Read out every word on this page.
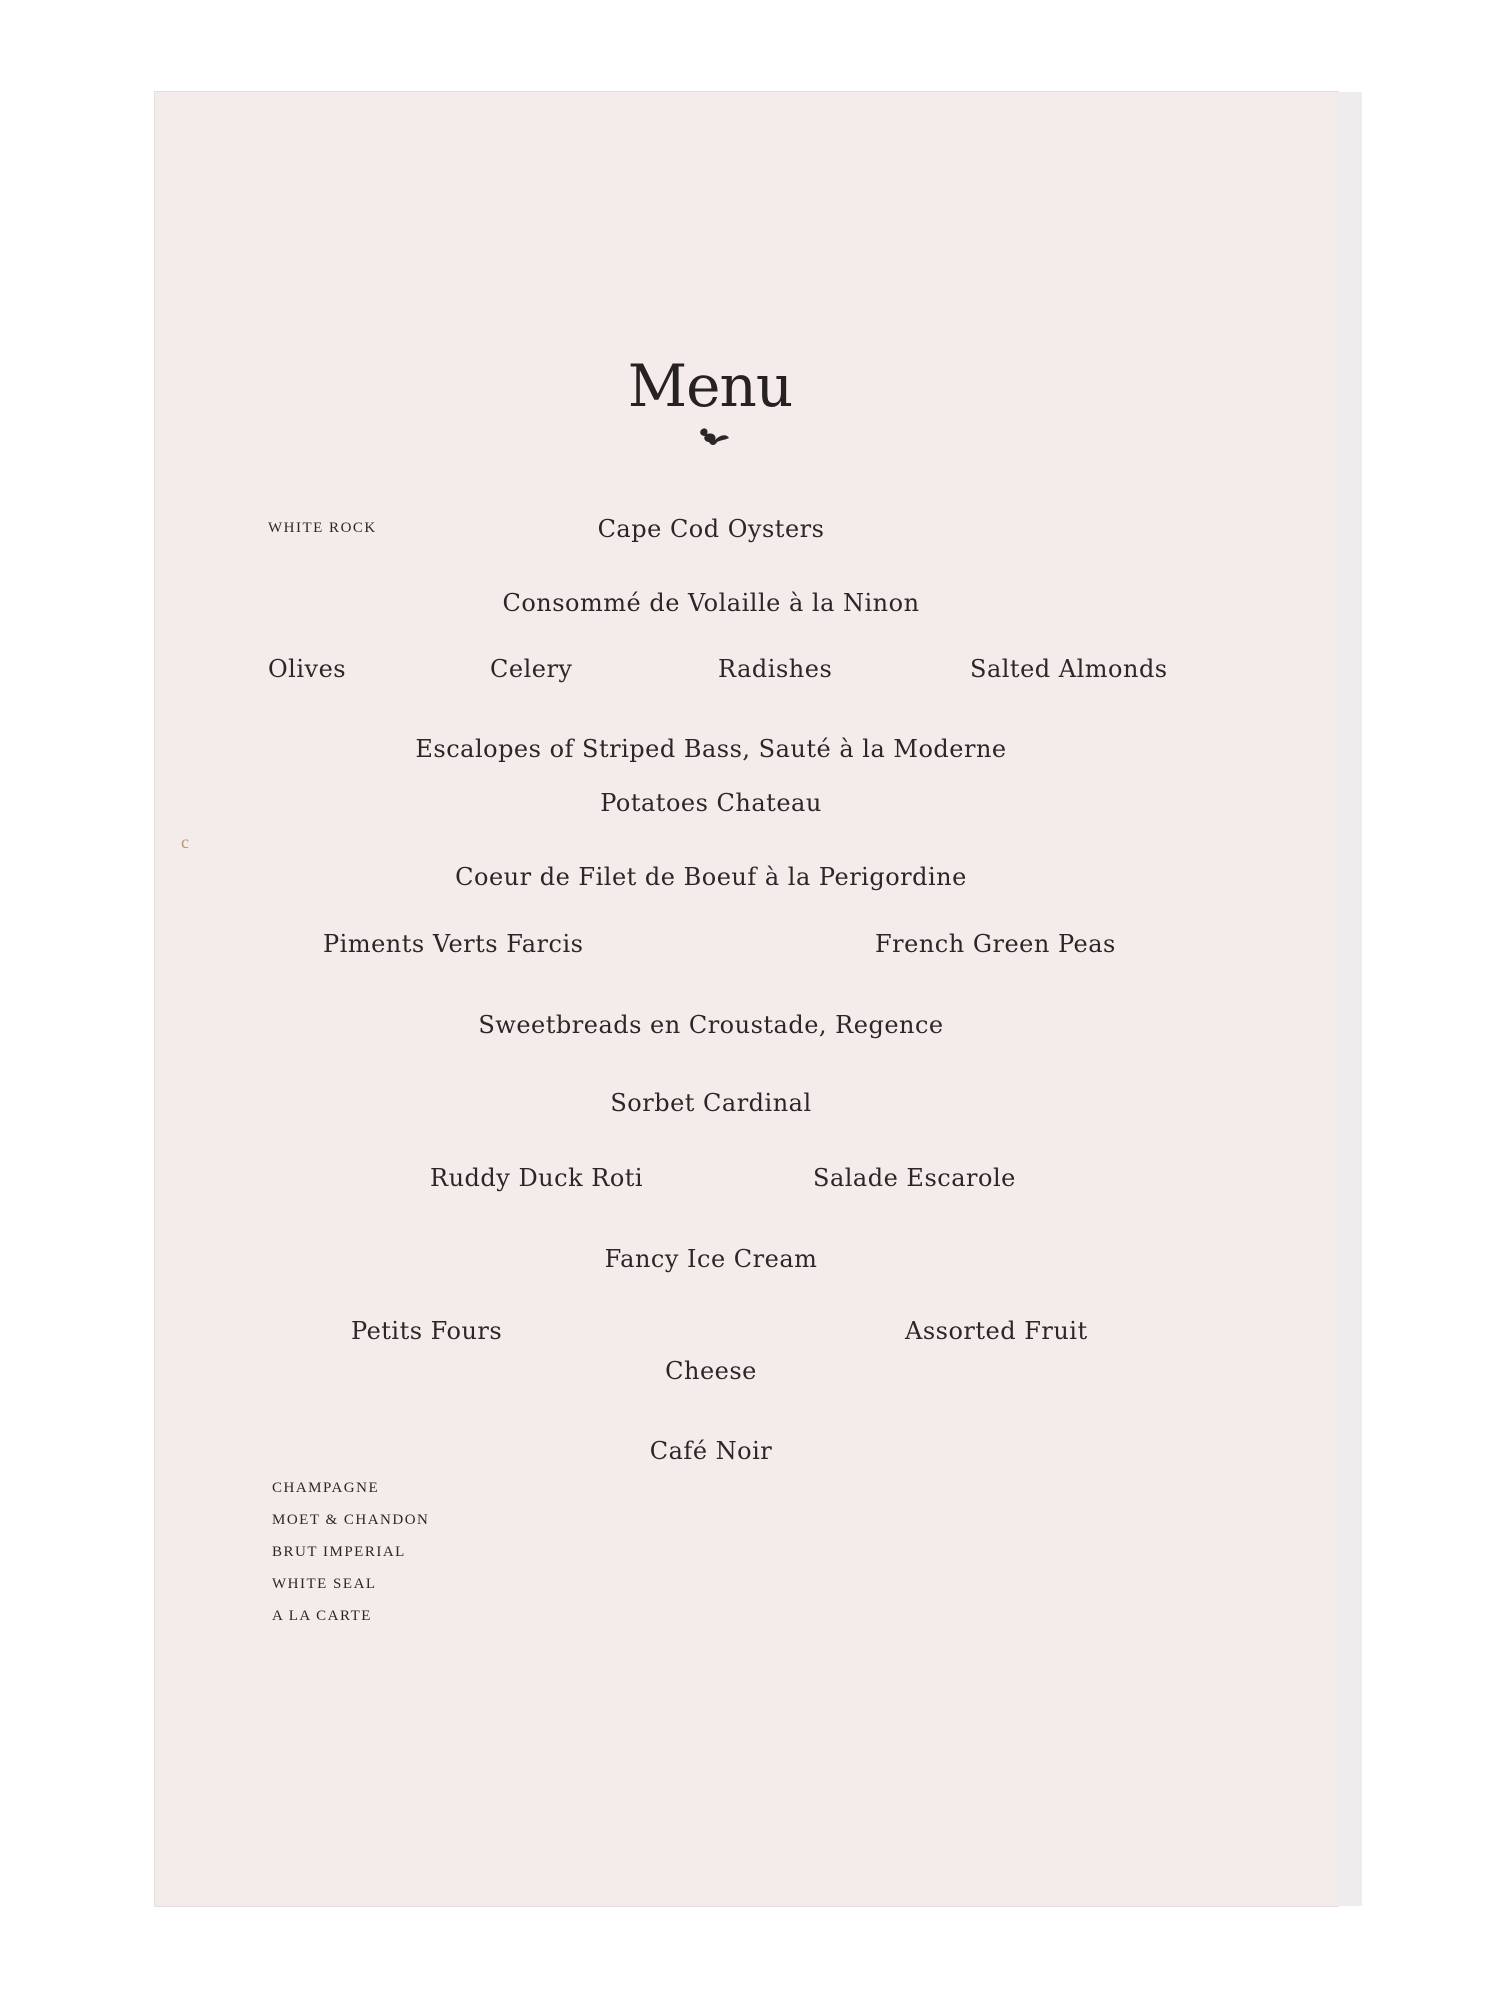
Menu
WHITE ROCK	Cape Cod Oysters
Consommé de Volaille à la Ninon
Olives	Celery	Radishes	Salted Almonds
Escalopes of Striped Bass, Sauté à la Moderne
Potatoes Chateau
Coeur de Filet de Boeuf à la Perigordine
Piments Verts Farcis	French Green Peas
Sweetbreads en Croustade, Regence
Sorbet Cardinal
Ruddy Duck Roti	Salade Escarole
Fancy Ice Cream
Petits Fours	Assorted Fruit
Cheese
Café Noir
CHAMPAGNE
MOET & CHANDON
BRUT IMPERIAL
WHITE SEAL
A LA CARTE
c
